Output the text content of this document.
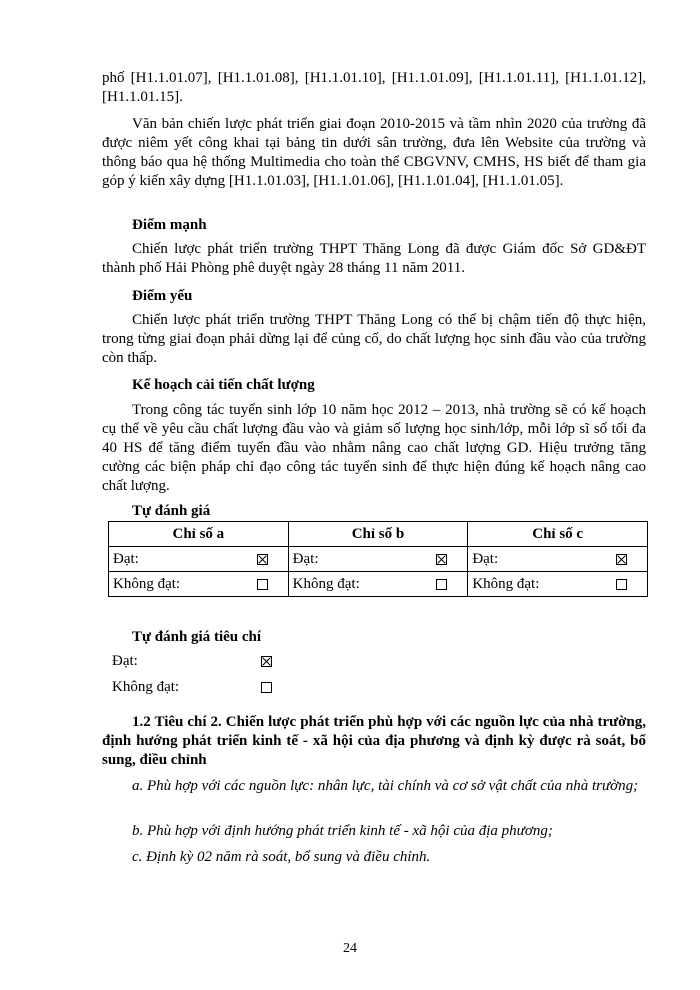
phố [H1.1.01.07], [H1.1.01.08], [H1.1.01.10], [H1.1.01.09], [H1.1.01.11], [H1.1.01.12], [H1.1.01.15].

Văn bản chiến lược phát triển giai đoạn 2010-2015 và tầm nhìn 2020 của trường đã được niêm yết công khai tại bảng tin dưới sân trường, đưa lên Website của trường và thông báo qua hệ thống Multimedia cho toàn thể CBGVNV, CMHS, HS biết để tham gia góp ý kiến xây dựng [H1.1.01.03], [H1.1.01.06], [H1.1.01.04], [H1.1.01.05].

Điểm mạnh

Chiến lược phát triển trường THPT Thăng Long đã được Giám đốc Sở GD&ĐT thành phố Hải Phòng phê duyệt ngày 28 tháng 11 năm 2011.

Điểm yếu

Chiến lược phát triển trường THPT Thăng Long có thể bị chậm tiến độ thực hiện, trong từng giai đoạn phải dừng lại để củng cố, do chất lượng học sinh đầu vào của trường còn thấp.

Kế hoạch cải tiến chất lượng

Trong công tác tuyển sinh lớp 10 năm học 2012 – 2013, nhà trường sẽ có kế hoạch cụ thể về yêu cầu chất lượng đầu vào và giảm số lượng học sinh/lớp, mỗi lớp sĩ số tối đa 40 HS để tăng điểm tuyển đầu vào nhằm nâng cao chất lượng GD. Hiệu trưởng tăng cường các biện pháp chỉ đạo công tác tuyển sinh để thực hiện đúng kế hoạch nâng cao chất lượng.

Tự đánh giá

Chỉ số a	Chỉ số b	Chỉ số c

Đạt:	Đạt:	Đạt:

Không đạt:	Không đạt:	Không đạt:

Tự đánh giá tiêu chí

Đạt:
Không đạt:

1.2 Tiêu chí 2. Chiến lược phát triển phù hợp với các nguồn lực của nhà trường, định hướng phát triển kinh tế - xã hội của địa phương và định kỳ được rà soát, bổ sung, điều chỉnh

a. Phù hợp với các nguồn lực: nhân lực, tài chính và cơ sở vật chất của nhà trường;

b. Phù hợp với định hướng phát triển kinh tế - xã hội của địa phương;

c. Định kỳ 02 năm rà soát, bổ sung và điều chỉnh.

24
